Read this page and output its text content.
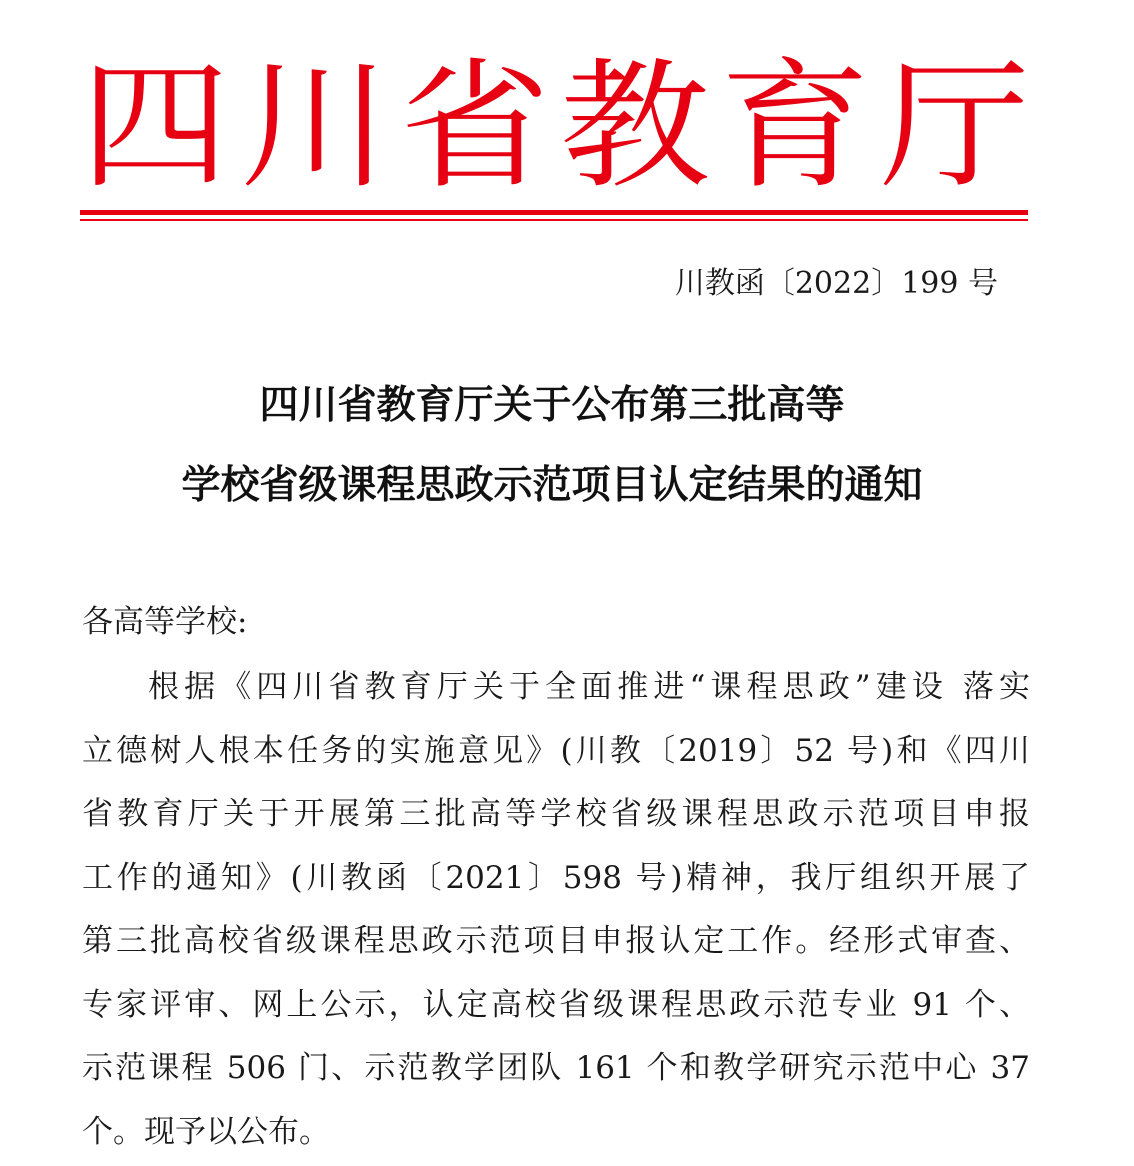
四 川 省 教 育 厅
川教函〔2022〕199 号
四川省教育厅关于公布第三批高等
学校省级课程思政示范项目认定结果的通知
各高等学校:
根据《四川省教育厅关于全面推进“课程思政”建设 落实
立德树人根本任务的实施意见》(川教〔2019〕52 号)和《四川
省教育厅关于开展第三批高等学校省级课程思政示范项目申报
工作的通知》(川教函〔2021〕598 号)精神，我厅组织开展了
第三批高校省级课程思政示范项目申报认定工作。经形式审查、
专家评审、网上公示，认定高校省级课程思政示范专业 91 个、
示范课程 506 门、示范教学团队 161 个和教学研究示范中心 37
个。现予以公布。
